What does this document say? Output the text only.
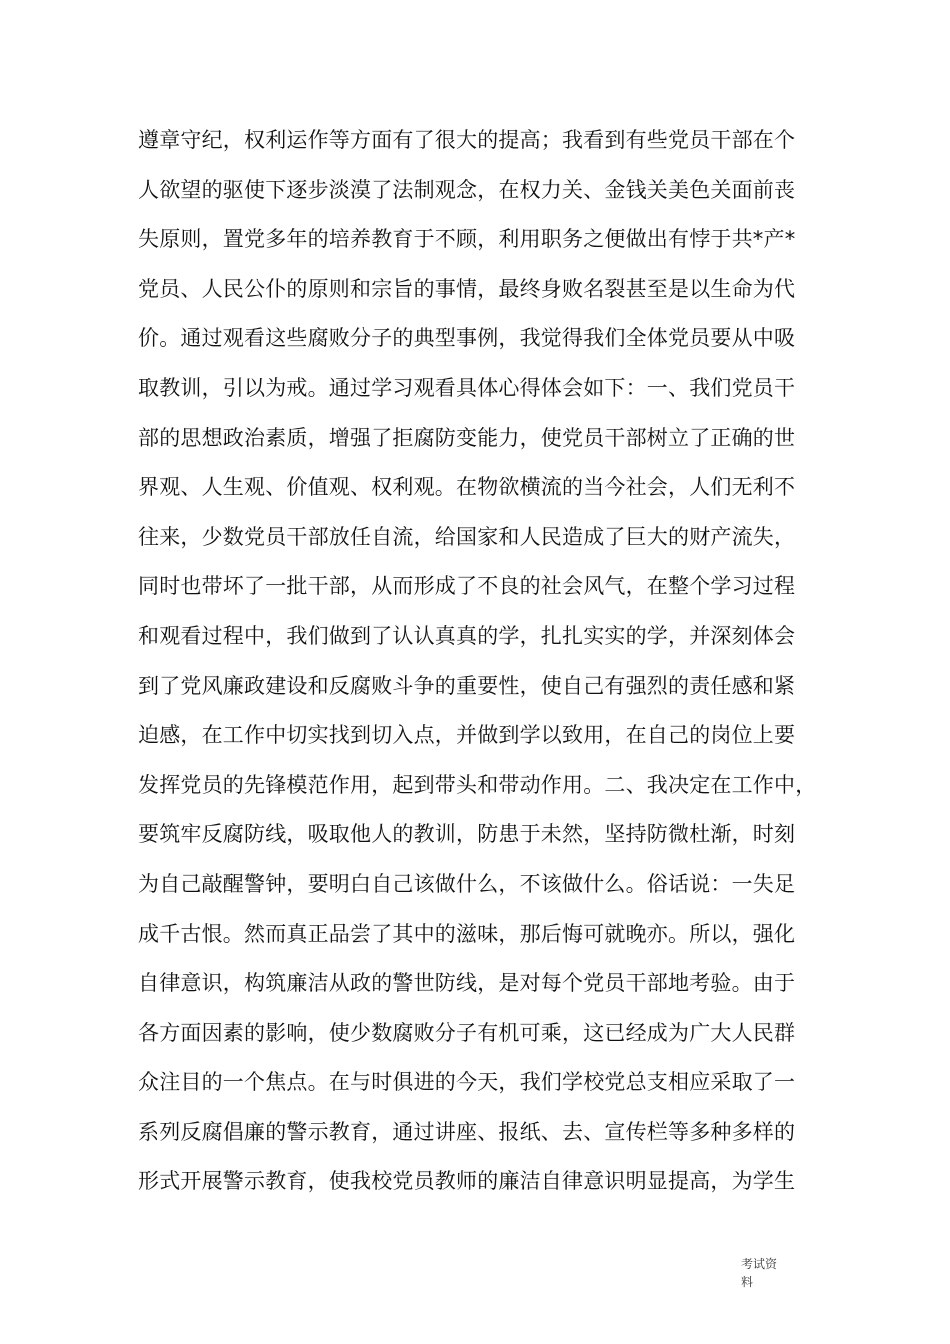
遵章守纪，权利运作等方面有了很大的提高；我看到有些党员干部在个
人欲望的驱使下逐步淡漠了法制观念，在权力关、金钱关美色关面前丧
失原则，置党多年的培养教育于不顾，利用职务之便做出有悖于共*产*
党员、人民公仆的原则和宗旨的事情，最终身败名裂甚至是以生命为代
价。通过观看这些腐败分子的典型事例，我觉得我们全体党员要从中吸
取教训，引以为戒。通过学习观看具体心得体会如下：一、我们党员干
部的思想政治素质，增强了拒腐防变能力，使党员干部树立了正确的世
界观、人生观、价值观、权利观。在物欲横流的当今社会，人们无利不
往来，少数党员干部放任自流，给国家和人民造成了巨大的财产流失，
同时也带坏了一批干部，从而形成了不良的社会风气，在整个学习过程
和观看过程中，我们做到了认认真真的学，扎扎实实的学，并深刻体会
到了党风廉政建设和反腐败斗争的重要性，使自己有强烈的责任感和紧
迫感，在工作中切实找到切入点，并做到学以致用，在自己的岗位上要
发挥党员的先锋模范作用，起到带头和带动作用。二、我决定在工作中，
要筑牢反腐防线，吸取他人的教训，防患于未然，坚持防微杜渐，时刻
为自己敲醒警钟，要明白自己该做什么，不该做什么。俗话说：一失足
成千古恨。然而真正品尝了其中的滋味，那后悔可就晚亦。所以，强化
自律意识，构筑廉洁从政的警世防线，是对每个党员干部地考验。由于
各方面因素的影响，使少数腐败分子有机可乘，这已经成为广大人民群
众注目的一个焦点。在与时俱进的今天，我们学校党总支相应采取了一
系列反腐倡廉的警示教育，通过讲座、报纸、去、宣传栏等多种多样的
形式开展警示教育，使我校党员教师的廉洁自律意识明显提高，为学生
考试资
料
